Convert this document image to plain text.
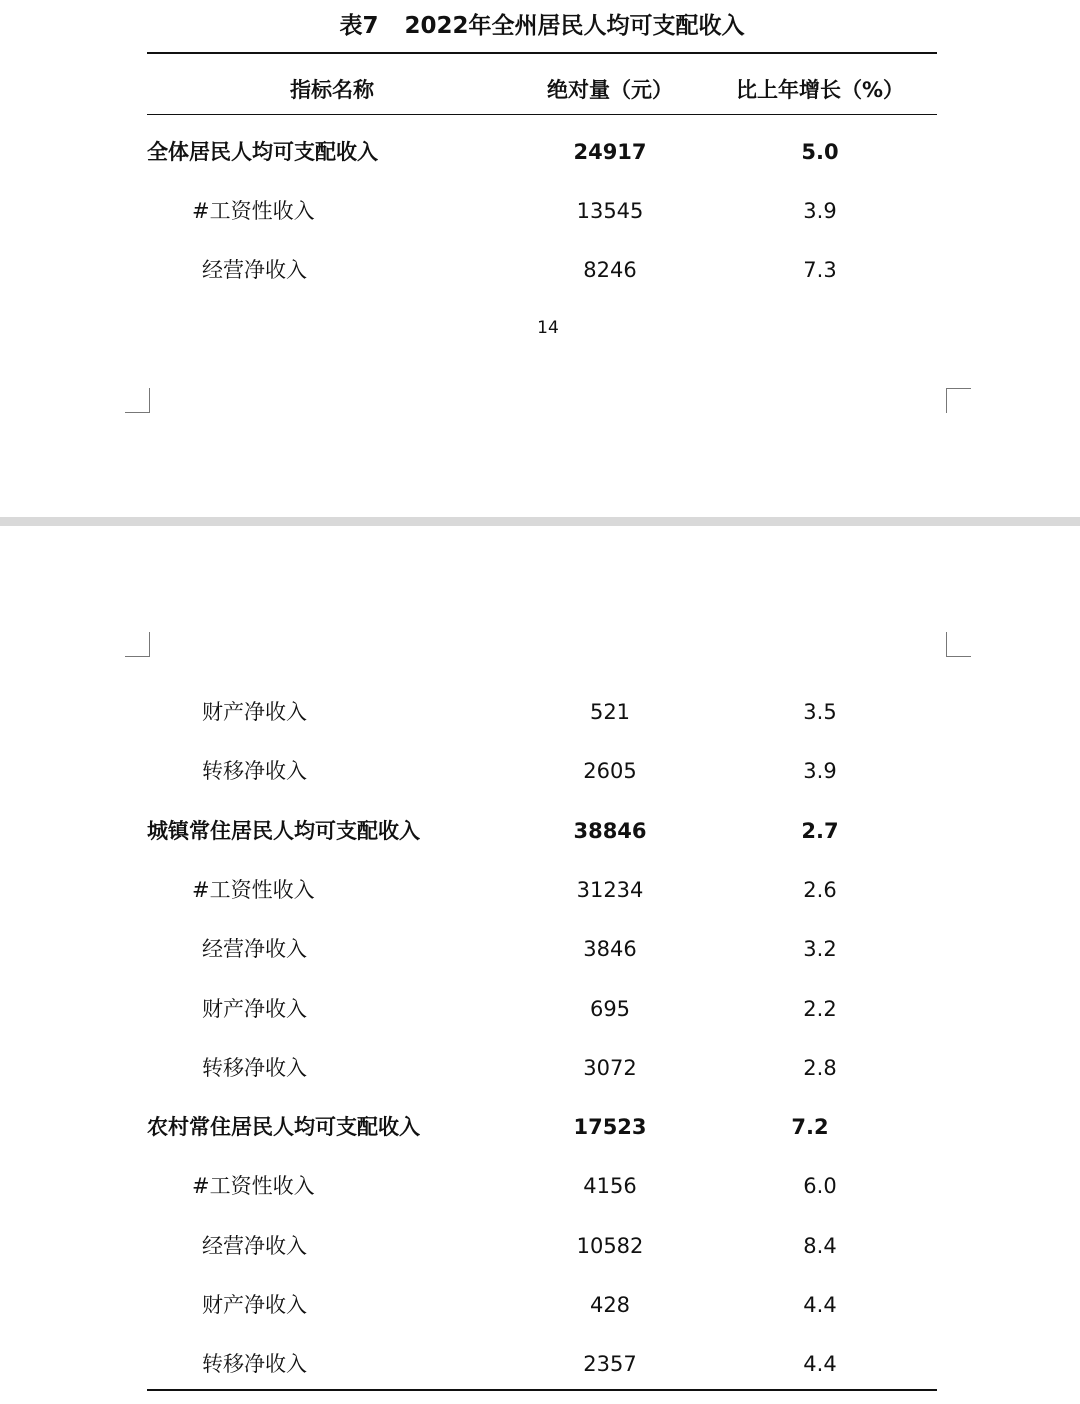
表7 2022年全州居民人均可支配收入
指标名称	绝对量（元）	比上年增长（%）
全体居民人均可支配收入	24917	5.0
#工资性收入	13545	3.9
经营净收入	8246	7.3
14
财产净收入	521	3.5
转移净收入	2605	3.9
城镇常住居民人均可支配收入	38846	2.7
#工资性收入	31234	2.6
经营净收入	3846	3.2
财产净收入	695	2.2
转移净收入	3072	2.8
农村常住居民人均可支配收入	17523	7.2
#工资性收入	4156	6.0
经营净收入	10582	8.4
财产净收入	428	4.4
转移净收入	2357	4.4
